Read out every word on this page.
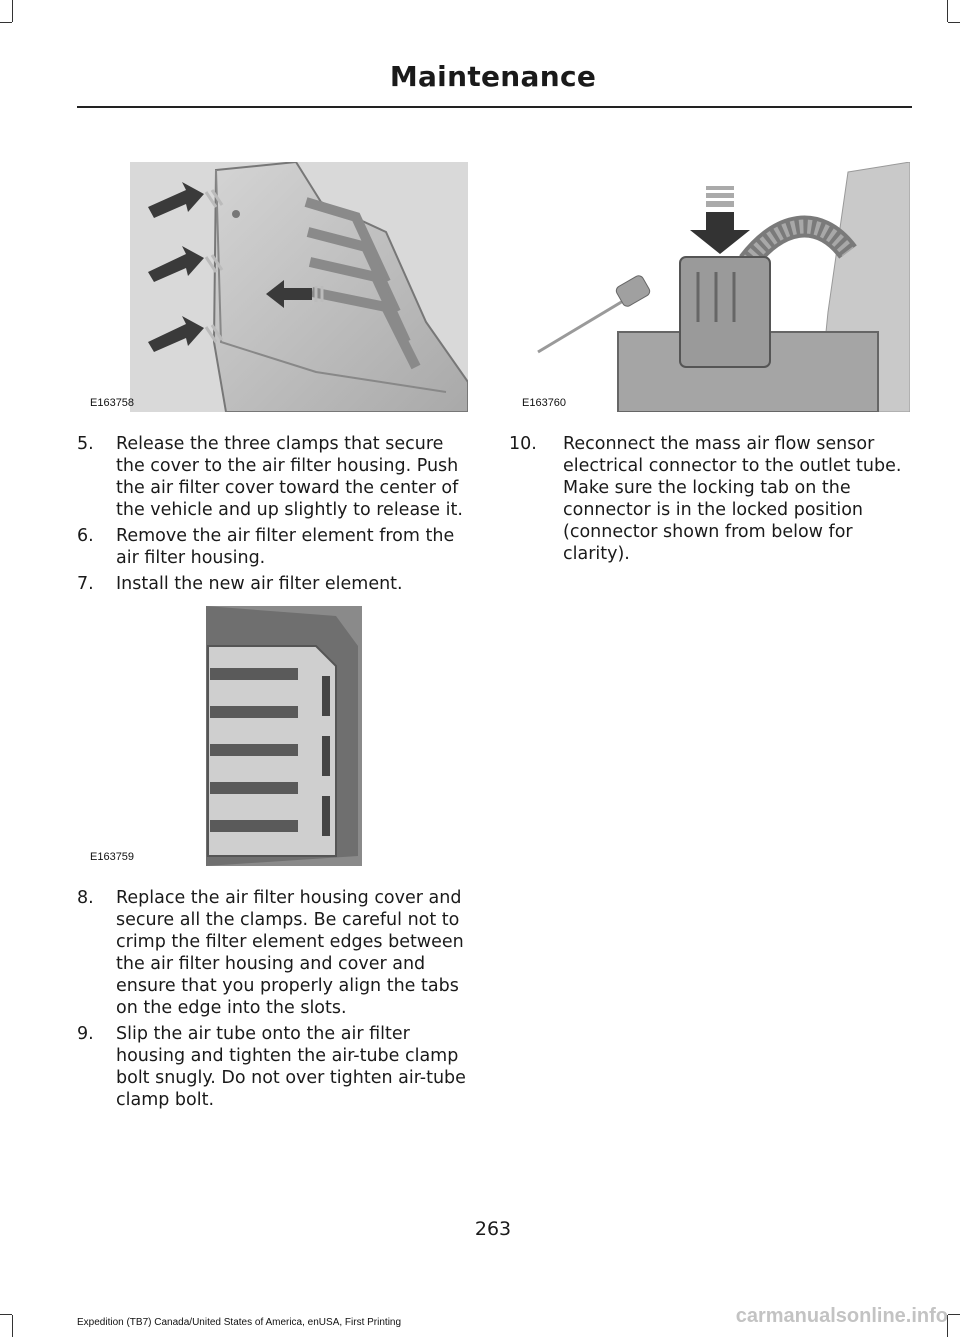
Maintenance
E163758	E163760
E163759
5. Release the three clamps that secure the cover to the air filter housing. Push the air filter cover toward the center of the vehicle and up slightly to release it.
6. Remove the air filter element from the air filter housing.
7. Install the new air filter element.
8. Replace the air filter housing cover and secure all the clamps. Be careful not to crimp the filter element edges between the air filter housing and cover and ensure that you properly align the tabs on the edge into the slots.
9. Slip the air tube onto the air filter housing and tighten the air-tube clamp bolt snugly. Do not over tighten air-tube clamp bolt.
10. Reconnect the mass air flow sensor electrical connector to the outlet tube. Make sure the locking tab on the connector is in the locked position (connector shown from below for clarity).
263
Expedition (TB7) Canada/United States of America, enUSA, First Printing	carmanualsonline.info
